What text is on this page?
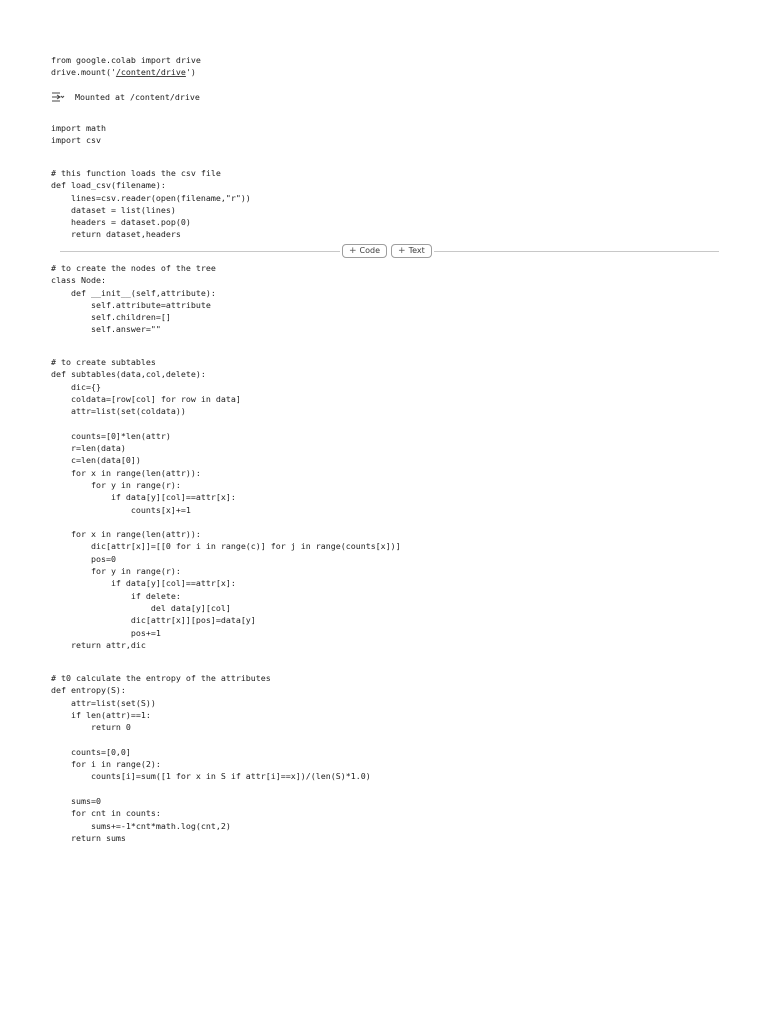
from google.colab import drive
drive.mount('/content/drive')
Mounted at /content/drive
import math
import csv
# this function loads the csv file
def load_csv(filename):
lines=csv.reader(open(filename,"r"))
dataset = list(lines)
headers = dataset.pop(0)
return dataset,headers
+ Code + Text
# to create the nodes of the tree
class Node:
def __init__(self,attribute):
self.attribute=attribute
self.children=[]
self.answer=""
# to create subtables
def subtables(data,col,delete):
dic={}
coldata=[row[col] for row in data]
attr=list(set(coldata))

counts=[0]*len(attr)
r=len(data)
c=len(data[0])
for x in range(len(attr)):
for y in range(r):
if data[y][col]==attr[x]:
counts[x]+=1

for x in range(len(attr)):
dic[attr[x]]=[[0 for i in range(c)] for j in range(counts[x])]
pos=0
for y in range(r):
if data[y][col]==attr[x]:
if delete:
del data[y][col]
dic[attr[x]][pos]=data[y]
pos+=1
return attr,dic
# t0 calculate the entropy of the attributes
def entropy(S):
attr=list(set(S))
if len(attr)==1:
return 0

counts=[0,0]
for i in range(2):
counts[i]=sum([1 for x in S if attr[i]==x])/(len(S)*1.0)

sums=0
for cnt in counts:
sums+=-1*cnt*math.log(cnt,2)
return sums
